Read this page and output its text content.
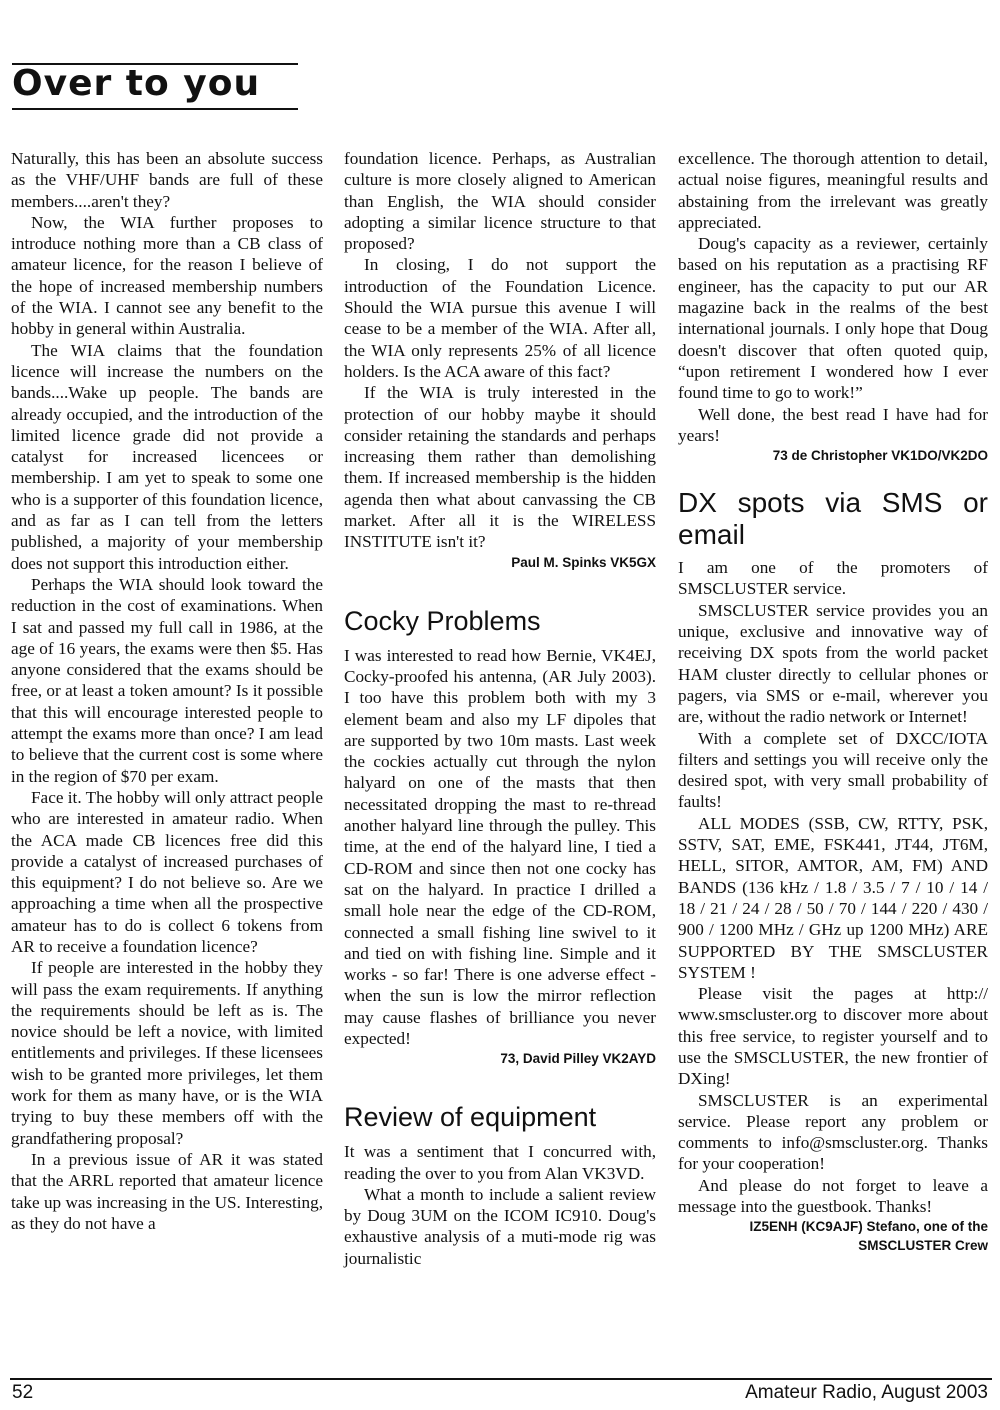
Over to you

Naturally, this has been an absolute success as the VHF/UHF bands are full of these members....aren't they?

Now, the WIA further proposes to introduce nothing more than a CB class of amateur licence, for the reason I believe of the hope of increased membership numbers of the WIA. I cannot see any benefit to the hobby in general within Australia.

The WIA claims that the foundation licence will increase the numbers on the bands....Wake up people. The bands are already occupied, and the introduction of the limited licence grade did not provide a catalyst for increased licencees or membership. I am yet to speak to some one who is a supporter of this foundation licence, and as far as I can tell from the letters published, a majority of your membership does not support this introduction either.

Perhaps the WIA should look toward the reduction in the cost of examinations. When I sat and passed my full call in 1986, at the age of 16 years, the exams were then $5. Has anyone considered that the exams should be free, or at least a token amount? Is it possible that this will encourage interested people to attempt the exams more than once? I am lead to believe that the current cost is some where in the region of $70 per exam.

Face it. The hobby will only attract people who are interested in amateur radio. When the ACA made CB licences free did this provide a catalyst of increased purchases of this equipment? I do not believe so. Are we approaching a time when all the prospective amateur has to do is collect 6 tokens from AR to receive a foundation licence?

If people are interested in the hobby they will pass the exam requirements. If anything the requirements should be left as is. The novice should be left a novice, with limited entitlements and privileges. If these licensees wish to be granted more privileges, let them work for them as many have, or is the WIA trying to buy these members off with the grandfathering proposal?

In a previous issue of AR it was stated that the ARRL reported that amateur licence take up was increasing in the US. Interesting, as they do not have a

foundation licence. Perhaps, as Australian culture is more closely aligned to American than English, the WIA should consider adopting a similar licence structure to that proposed?

In closing, I do not support the introduction of the Foundation Licence. Should the WIA pursue this avenue I will cease to be a member of the WIA. After all, the WIA only represents 25% of all licence holders. Is the ACA aware of this fact?

If the WIA is truly interested in the protection of our hobby maybe it should consider retaining the standards and perhaps increasing them rather than demolishing them. If increased membership is the hidden agenda then what about canvassing the CB market. After all it is the WIRELESS INSTITUTE isn't it?

Paul M. Spinks VK5GX

Cocky Problems

I was interested to read how Bernie, VK4EJ, Cocky-proofed his antenna, (AR July 2003). I too have this problem both with my 3 element beam and also my LF dipoles that are supported by two 10m masts. Last week the cockies actually cut through the nylon halyard on one of the masts that then necessitated dropping the mast to re-thread another halyard line through the pulley. This time, at the end of the halyard line, I tied a CD-ROM and since then not one cocky has sat on the halyard. In practice I drilled a small hole near the edge of the CD-ROM, connected a small fishing line swivel to it and tied on with fishing line. Simple and it works - so far! There is one adverse effect - when the sun is low the mirror reflection may cause flashes of brilliance you never expected!

73, David Pilley VK2AYD

Review of equipment

It was a sentiment that I concurred with, reading the over to you from Alan VK3VD.

What a month to include a salient review by Doug 3UM on the ICOM IC910. Doug's exhaustive analysis of a muti-mode rig was journalistic

excellence. The thorough attention to detail, actual noise figures, meaningful results and abstaining from the irrelevant was greatly appreciated.

Doug's capacity as a reviewer, certainly based on his reputation as a practising RF engineer, has the capacity to put our AR magazine back in the realms of the best international journals. I only hope that Doug doesn't discover that often quoted quip, “upon retirement I wondered how I ever found time to go to work!”

Well done, the best read I have had for years!

73 de Christopher VK1DO/VK2DO

DX spots via SMS or email

I am one of the promoters of SMSCLUSTER service.

SMSCLUSTER service provides you an unique, exclusive and innovative way of receiving DX spots from the world packet HAM cluster directly to cellular phones or pagers, via SMS or e-mail, wherever you are, without the radio network or Internet!

With a complete set of DXCC/IOTA filters and settings you will receive only the desired spot, with very small probability of faults!

ALL MODES (SSB, CW, RTTY, PSK, SSTV, SAT, EME, FSK441, JT44, JT6M, HELL, SITOR, AMTOR, AM, FM) AND BANDS (136 kHz / 1.8 / 3.5 / 7 / 10 / 14 / 18 / 21 / 24 / 28 / 50 / 70 / 144 / 220 / 430 / 900 / 1200 MHz / GHz up 1200 MHz) ARE SUPPORTED BY THE SMSCLUSTER SYSTEM !

Please visit the pages at http:// www.smscluster.org to discover more about this free service, to register yourself and to use the SMSCLUSTER, the new frontier of DXing!

SMSCLUSTER is an experimental service. Please report any problem or comments to info@smscluster.org. Thanks for your cooperation!

And please do not forget to leave a message into the guestbook. Thanks!

IZ5ENH (KC9AJF) Stefano, one of the

SMSCLUSTER Crew

52	Amateur Radio, August 2003
